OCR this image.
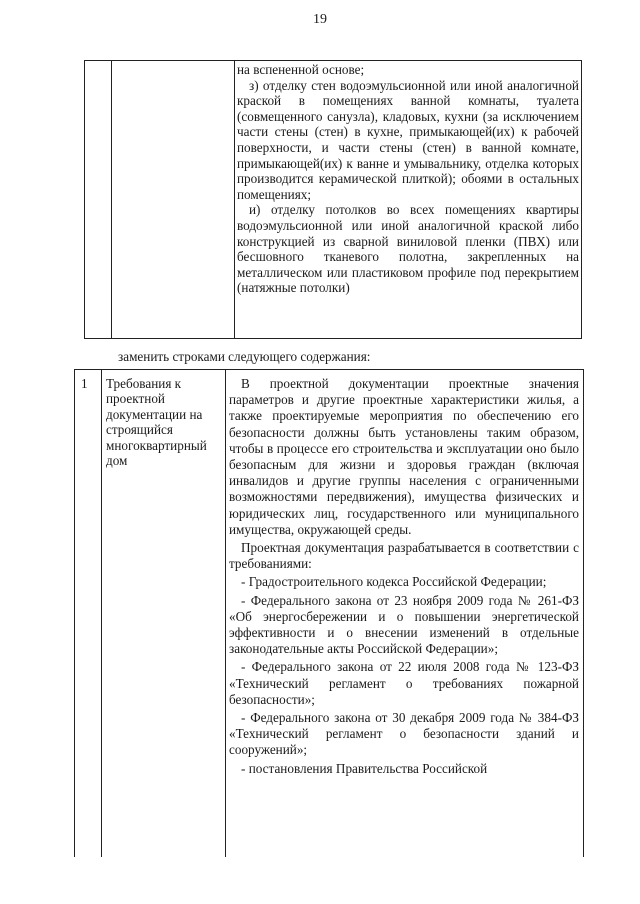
19

на вспененной основе;

з) отделку стен водоэмульсионной или иной аналогичной краской в помещениях ванной комнаты, туалета (совмещенного санузла), кладовых, кухни (за исключением части стены (стен) в кухне, примыкающей(их) к рабочей поверхности, и части стены (стен) в ванной комнате, примыкающей(их) к ванне и умывальнику, отделка которых производится керамической плиткой); обоями в остальных помещениях;

и) отделку потолков во всех помещениях квартиры водоэмульсионной или иной аналогичной краской либо конструкцией из сварной виниловой пленки (ПВХ) или бесшовного тканевого полотна, закрепленных на металлическом или пластиковом профиле под перекрытием (натяжные потолки)

заменить строками следующего содержания:
1 Требования к проектной документации на строящийся многоквартирный дом

В проектной документации проектные значения параметров и другие проектные характеристики жилья, а также проектируемые мероприятия по обеспечению его безопасности должны быть установлены таким образом, чтобы в процессе его строительства и эксплуатации оно было безопасным для жизни и здоровья граждан (включая инвалидов и другие группы населения с ограниченными возможностями передвижения), имущества физических и юридических лиц, государственного или муниципального имущества, окружающей среды.

Проектная документация разрабатывается в соответствии с требованиями:

- Градостроительного кодекса Российской Федерации;

- Федерального закона от 23 ноября 2009 года № 261-ФЗ «Об энергосбережении и о повышении энергетической эффективности и о внесении изменений в отдельные законодательные акты Российской Федерации»;

- Федерального закона от 22 июля 2008 года № 123-ФЗ «Технический регламент о требованиях пожарной безопасности»;

- Федерального закона от 30 декабря 2009 года № 384-ФЗ «Технический регламент о безопасности зданий и сооружений»;

- постановления Правительства Российской
